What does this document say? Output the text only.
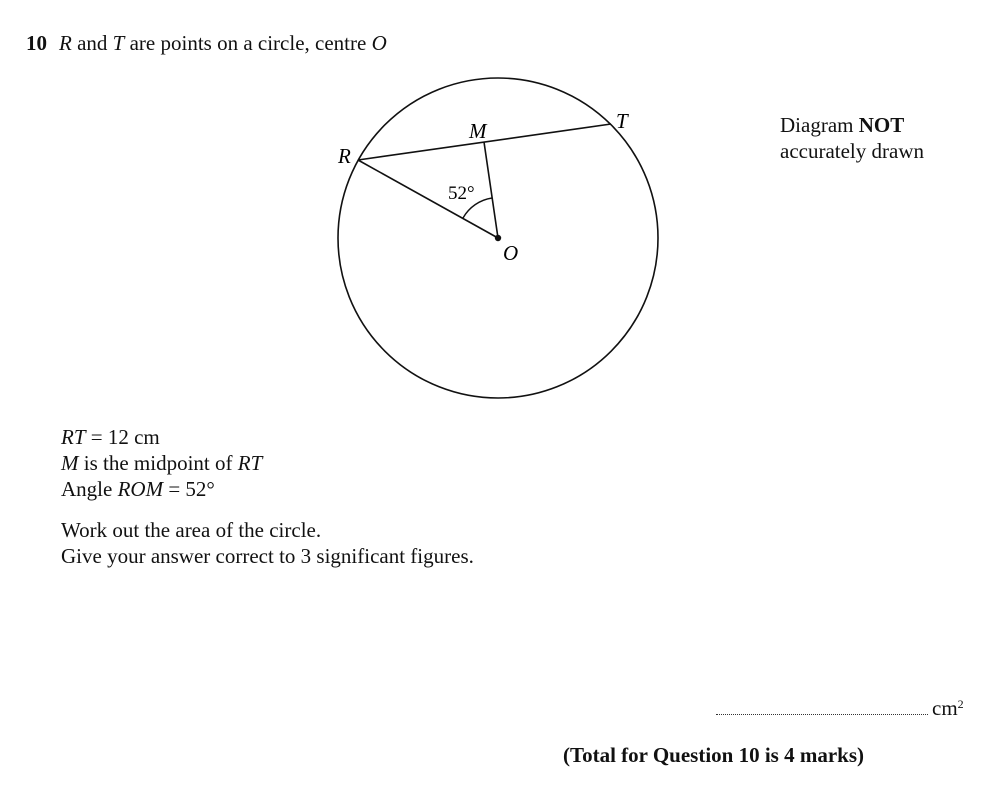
10 R and T are points on a circle, centre O
R
T
M
O
52°
Diagram NOT
accurately drawn
RT = 12 cm
M is the midpoint of RT
Angle ROM = 52°
Work out the area of the circle.
Give your answer correct to 3 significant figures.
$cm^2$
(Total for Question 10 is 4 marks)
